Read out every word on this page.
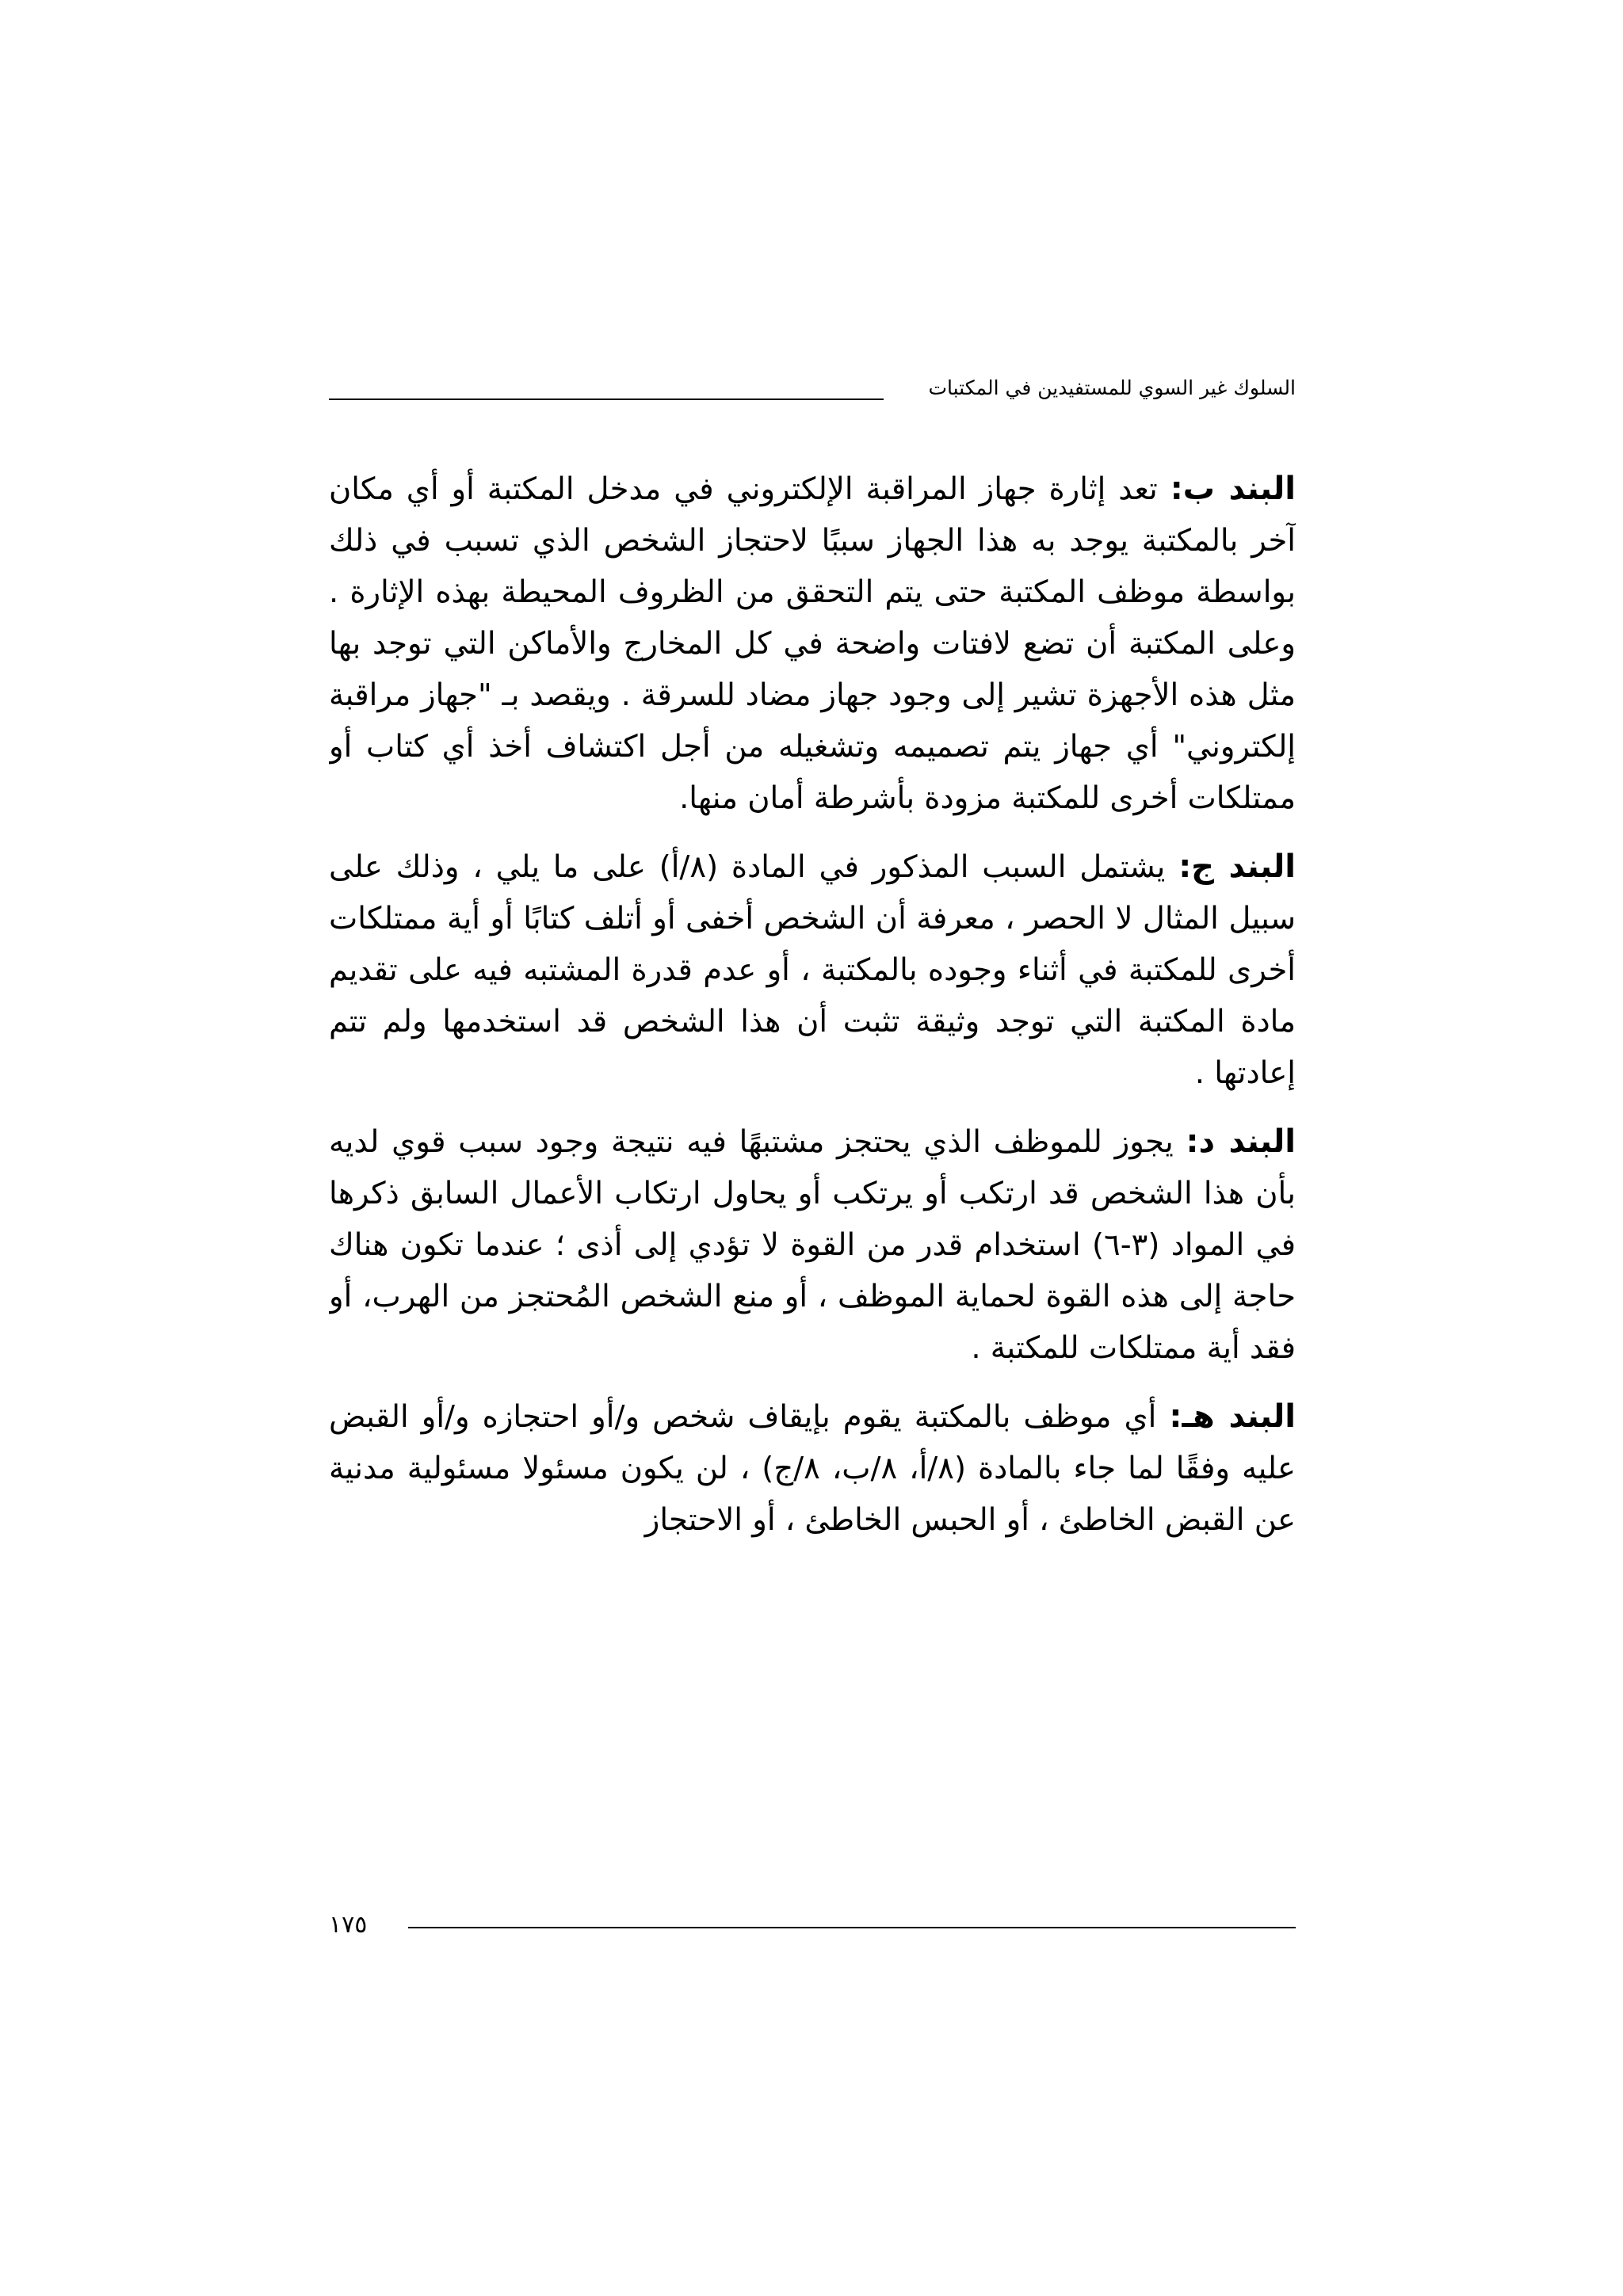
السلوك غير السوي للمستفيدين في المكتبات

البند ب: تعد إثارة جهاز المراقبة الإلكتروني في مدخل المكتبة أو أي مكان آخر بالمكتبة يوجد به هذا الجهاز سببًا لاحتجاز الشخص الذي تسبب في ذلك بواسطة موظف المكتبة حتى يتم التحقق من الظروف المحيطة بهذه الإثارة . وعلى المكتبة أن تضع لافتات واضحة في كل المخارج والأماكن التي توجد بها مثل هذه الأجهزة تشير إلى وجود جهاز مضاد للسرقة . ويقصد بـ "جهاز مراقبة إلكتروني" أي جهاز يتم تصميمه وتشغيله من أجل اكتشاف أخذ أي كتاب أو ممتلكات أخرى للمكتبة مزودة بأشرطة أمان منها.

البند ج: يشتمل السبب المذكور في المادة (٨/أ) على ما يلي ، وذلك على سبيل المثال لا الحصر ، معرفة أن الشخص أخفى أو أتلف كتابًا أو أية ممتلكات أخرى للمكتبة في أثناء وجوده بالمكتبة ، أو عدم قدرة المشتبه فيه على تقديم مادة المكتبة التي توجد وثيقة تثبت أن هذا الشخص قد استخدمها ولم تتم إعادتها .

البند د: يجوز للموظف الذي يحتجز مشتبهًا فيه نتيجة وجود سبب قوي لديه بأن هذا الشخص قد ارتكب أو يرتكب أو يحاول ارتكاب الأعمال السابق ذكرها في المواد (٣-٦) استخدام قدر من القوة لا تؤدي إلى أذى ؛ عندما تكون هناك حاجة إلى هذه القوة لحماية الموظف ، أو منع الشخص المُحتجز من الهرب، أو فقد أية ممتلكات للمكتبة .

البند هـ: أي موظف بالمكتبة يقوم بإيقاف شخص و/أو احتجازه و/أو القبض عليه وفقًا لما جاء بالمادة (٨/أ، ٨/ب، ٨/ج) ، لن يكون مسئولا مسئولية مدنية عن القبض الخاطئ ، أو الحبس الخاطئ ، أو الاحتجاز

١٧٥
